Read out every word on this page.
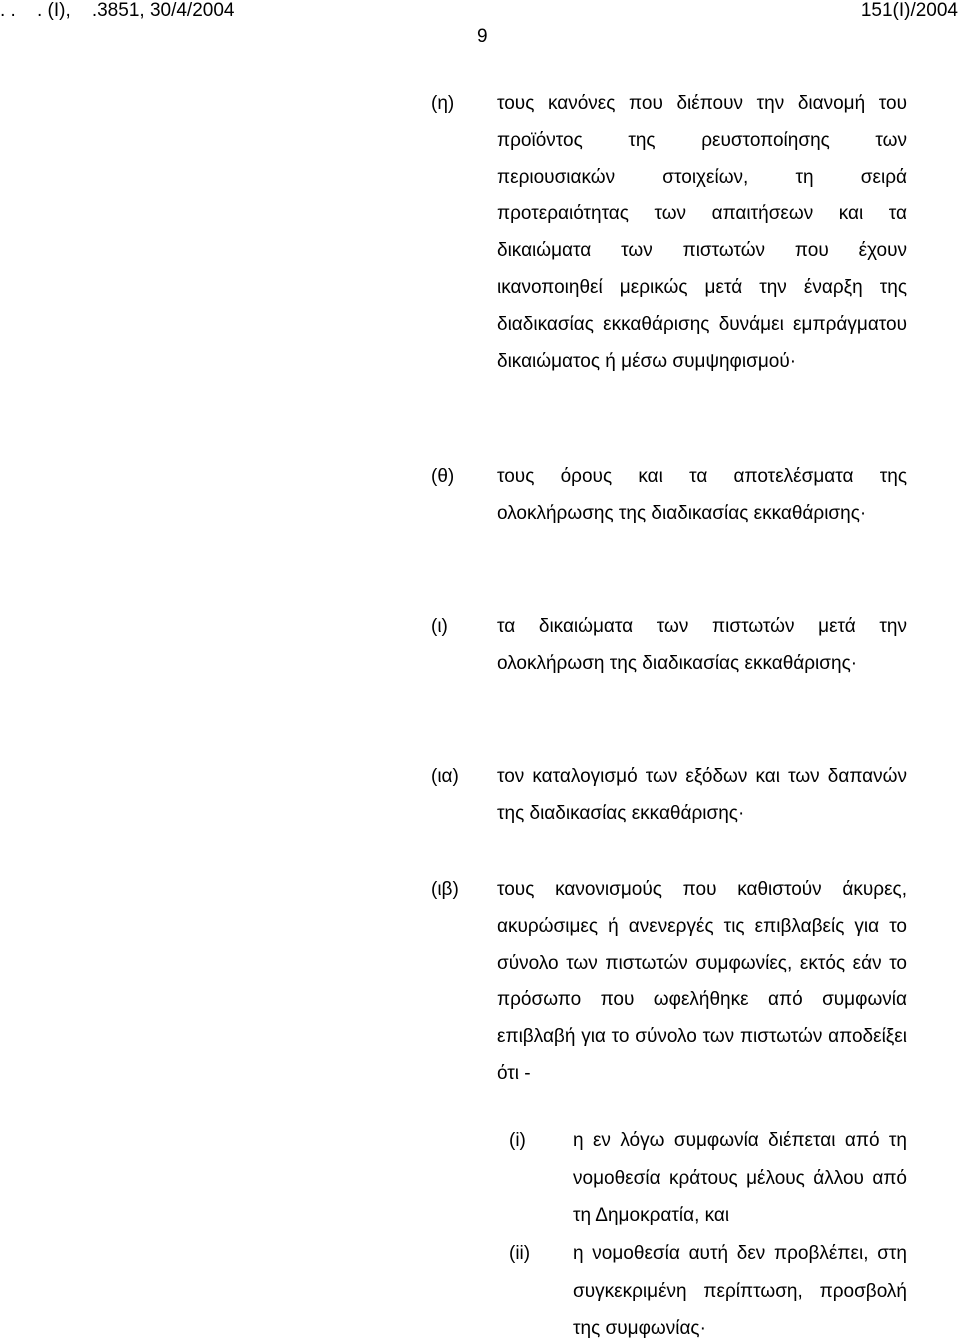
. .    . (Ι),    .3851, 30/4/2004	151(Ι)/2004
9
(η) τους κανόνες που διέπουν την διανομή του προϊόντος της ρευστοποίησης των περιουσιακών στοιχείων, τη σειρά προτεραιότητας των απαιτήσεων και τα δικαιώματα των πιστωτών που έχουν ικανοποιηθεί μερικώς μετά την έναρξη της διαδικασίας εκκαθάρισης δυνάμει εμπράγματου δικαιώματος ή μέσω συμψηφισμού·
(θ) τους όρους και τα αποτελέσματα της ολοκλήρωσης της διαδικασίας εκκαθάρισης·
(ι)	τα δικαιώματα των πιστωτών μετά την ολοκλήρωση της διαδικασίας εκκαθάρισης·
(ια) τον καταλογισμό των εξόδων και των δαπανών της διαδικασίας εκκαθάρισης·
(ιβ) τους κανονισμούς που καθιστούν άκυρες, ακυρώσιμες ή ανενεργές τις επιβλαβείς για το σύνολο των πιστωτών συμφωνίες, εκτός εάν το πρόσωπο που ωφελήθηκε από συμφωνία επιβλαβή για το σύνολο των πιστωτών αποδείξει ότι -
(i) η εν λόγω συμφωνία διέπεται από τη νομοθεσία κράτους μέλους άλλου από τη Δημοκρατία, και
(ii) η νομοθεσία αυτή δεν προβλέπει, στη συγκεκριμένη περίπτωση, προσβολή της συμφωνίας·
